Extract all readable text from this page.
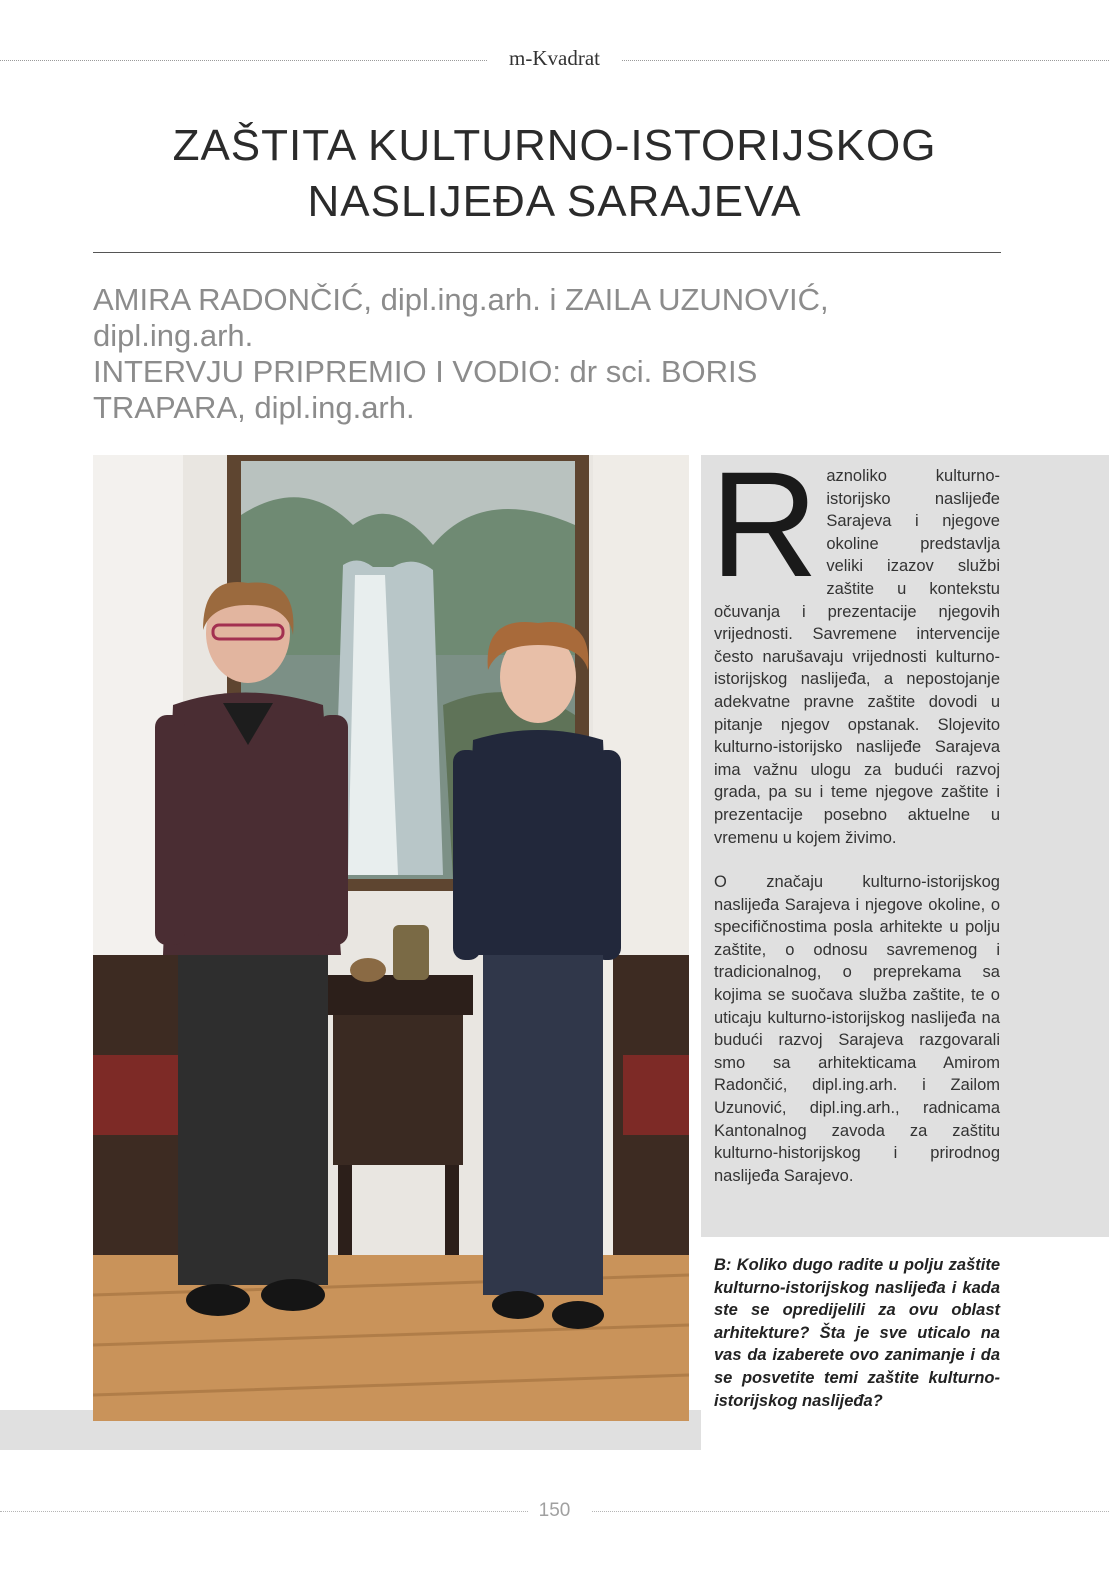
m-Kvadrat
ZAŠTITA KULTURNO-ISTORIJSKOG
NASLIJEĐA SARAJEVA
AMIRA RADONČIĆ, dipl.ing.arh. i ZAILA UZUNOVIĆ,
dipl.ing.arh.
INTERVJU PRIPREMIO I VODIO: dr sci. BORIS
TRAPARA, dipl.ing.arh.

Raznoliko kulturno-istorijsko naslijeđe Sarajeva i njegove okoline predstavlja veliki izazov službi zaštite u kontekstu očuvanja i prezentacije njegovih vrijednosti. Savremene intervencije često narušavaju vrijednosti kulturno-istorijskog naslijeđa, a nepostojanje adekvatne pravne zaštite dovodi u pitanje njegov opstanak. Slojevito kulturno-istorijsko naslijeđe Sarajeva ima važnu ulogu za budući razvoj grada, pa su i teme njegove zaštite i prezentacije posebno aktuelne u vremenu u kojem živimo.

O značaju kulturno-istorijskog naslijeđa Sarajeva i njegove okoline, o specifičnostima posla arhitekte u polju zaštite, o odnosu savremenog i tradicionalnog, o preprekama sa kojima se suočava služba zaštite, te o uticaju kulturno-istorijskog naslijeđa na budući razvoj Sarajeva razgovarali smo sa arhitekticama Amirom Radončić, dipl.ing.arh. i Zailom Uzunović, dipl.ing.arh., radnicama Kantonalnog zavoda za zaštitu kulturno-historijskog i prirodnog naslijeđa Sarajevo.

B: Koliko dugo radite u polju zaštite kulturno-istorijskog naslijeđa i kada ste se opredijelili za ovu oblast arhitekture? Šta je sve uticalo na vas da izaberete ovo zanimanje i da se posvetite temi zaštite kulturno-istorijskog naslijeđa?

150
